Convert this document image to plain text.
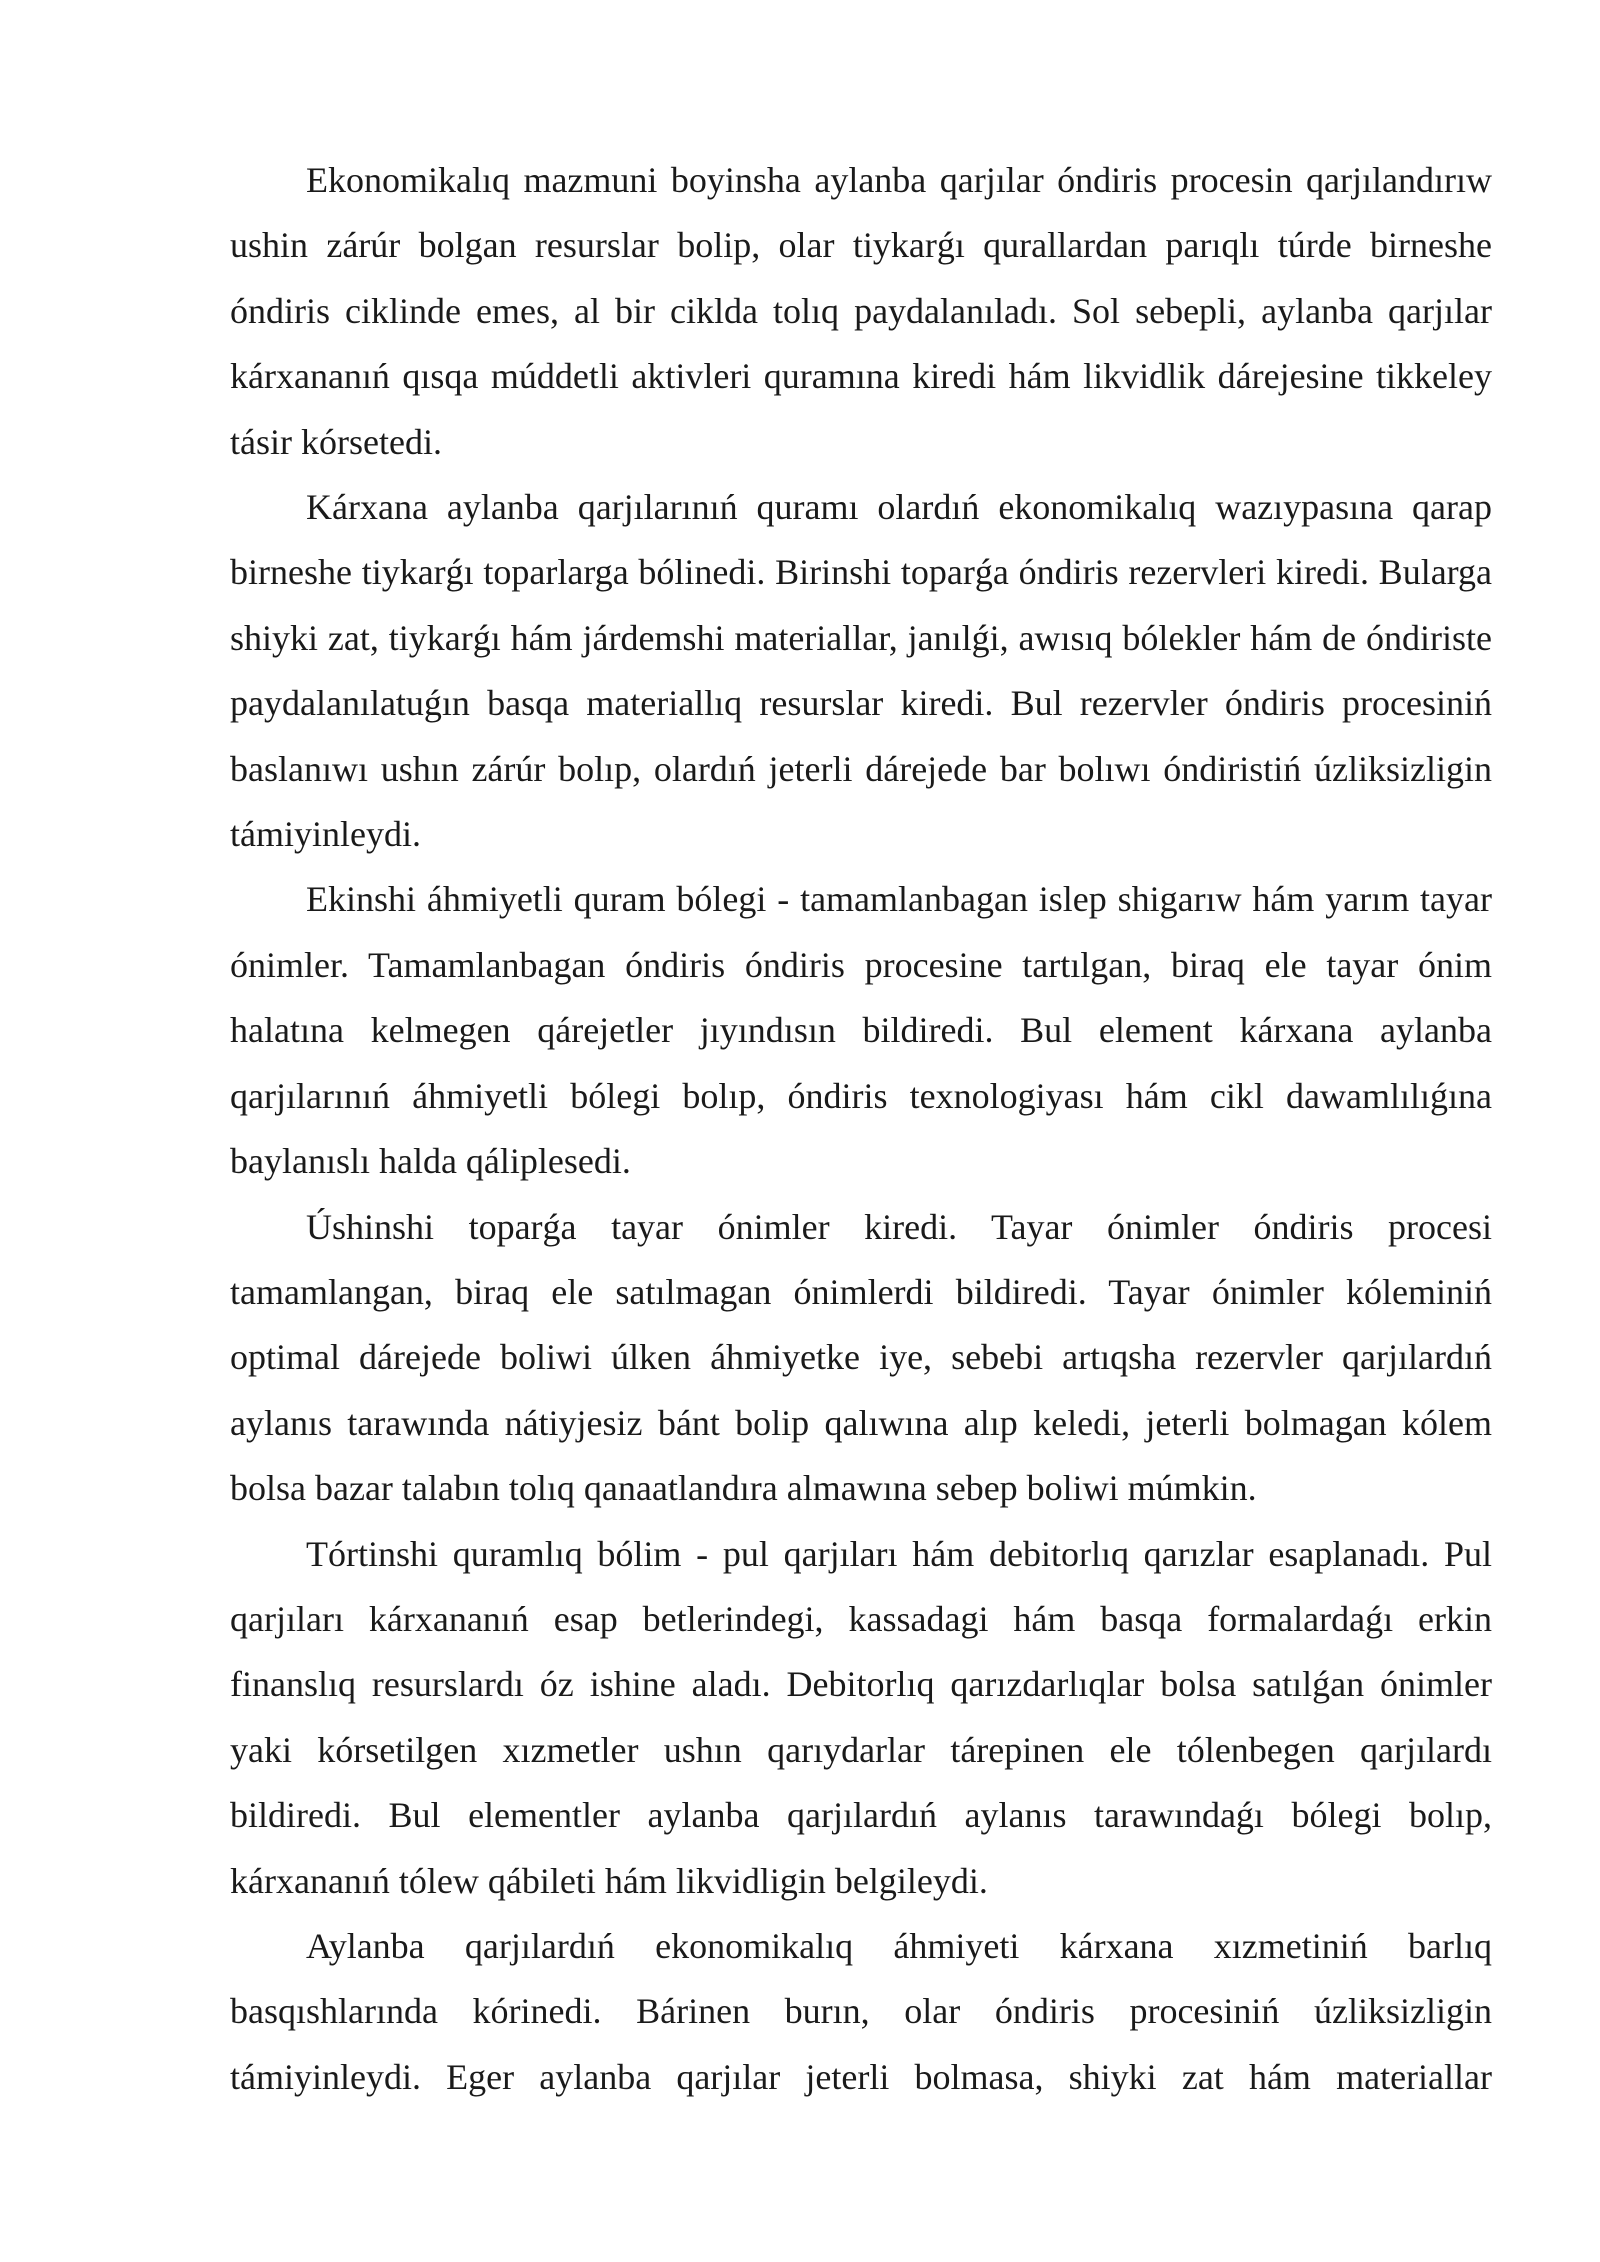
Ekonomikalıq mazmuni boyinsha aylanba qarjılar óndiris procesin qarjılandırıw ushin zárúr bolgan resurslar bolip, olar tiykarǵı qurallardan parıqlı túrde birneshe óndiris ciklinde emes, al bir ciklda tolıq paydalanıladı. Sol sebepli, aylanba qarjılar kárxananıń qısqa múddetli aktivleri quramına kiredi hám likvidlik dárejesine tikkeley tásir kórsetedi.

Kárxana aylanba qarjılarınıń quramı olardıń ekonomikalıq wazıypasına qarap birneshe tiykarǵı toparlarga bólinedi. Birinshi toparǵa óndiris rezervleri kiredi. Bularga shiyki zat, tiykarǵı hám járdemshi materiallar, janılǵi, awısıq bólekler hám de óndiriste paydalanılatuǵın basqa materiallıq resurslar kiredi. Bul rezervler óndiris procesiniń baslanıwı ushın zárúr bolıp, olardıń jeterli dárejede bar bolıwı óndiristiń úzliksizligin támiyinleydi.

Ekinshi áhmiyetli quram bólegi - tamamlanbagan islep shigarıw hám yarım tayar ónimler. Tamamlanbagan óndiris óndiris procesine tartılgan, biraq ele tayar ónim halatına kelmegen qárejetler jıyındısın bildiredi. Bul element kárxana aylanba qarjılarınıń áhmiyetli bólegi bolıp, óndiris texnologiyası hám cikl dawamlılıǵına baylanıslı halda qáliplesedi.

Úshinshi toparǵa tayar ónimler kiredi. Tayar ónimler óndiris procesi tamamlangan, biraq ele satılmagan ónimlerdi bildiredi. Tayar ónimler kóleminiń optimal dárejede boliwi úlken áhmiyetke iye, sebebi artıqsha rezervler qarjılardıń aylanıs tarawında nátiyjesiz bánt bolip qalıwına alıp keledi, jeterli bolmagan kólem bolsa bazar talabın tolıq qanaatlandıra almawına sebep boliwi múmkin.

Tórtinshi quramlıq bólim - pul qarjıları hám debitorlıq qarızlar esaplanadı. Pul qarjıları kárxananıń esap betlerindegi, kassadagi hám basqa formalardaǵı erkin finanslıq resurslardı óz ishine aladı. Debitorlıq qarızdarlıqlar bolsa satılǵan ónimler yaki kórsetilgen xızmetler ushın qarıydarlar tárepinen ele tólenbegen qarjılardı bildiredi. Bul elementler aylanba qarjılardıń aylanıs tarawındaǵı bólegi bolıp, kárxananıń tólew qábileti hám likvidligin belgileydi.

Aylanba qarjılardıń ekonomikalıq áhmiyeti kárxana xızmetiniń barlıq basqıshlarında kórinedi. Bárinen burın, olar óndiris procesiniń úzliksizligin támiyinleydi. Eger aylanba qarjılar jeterli bolmasa, shiyki zat hám materiallar
